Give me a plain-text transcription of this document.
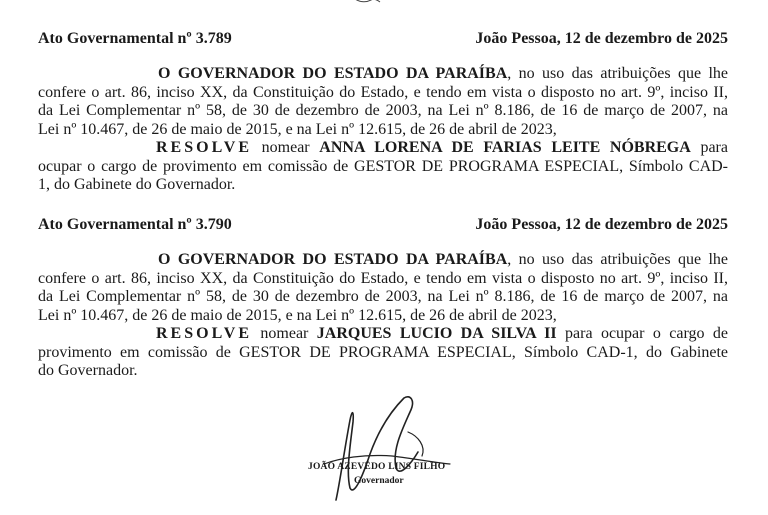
Ato Governamental nº 3.789	João Pessoa, 12 de dezembro de 2025
O GOVERNADOR DO ESTADO DA PARAÍBA, no uso das atribuições que lhe
confere o art. 86, inciso XX, da Constituição do Estado, e tendo em vista o disposto no art. 9º, inciso II,
da Lei Complementar nº 58, de 30 de dezembro de 2003, na Lei nº 8.186, de 16 de março de 2007, na
Lei nº 10.467, de 26 de maio de 2015, e na Lei nº 12.615, de 26 de abril de 2023,
RESOLVE nomear ANNA LORENA DE FARIAS LEITE NÓBREGA para
ocupar o cargo de provimento em comissão de GESTOR DE PROGRAMA ESPECIAL, Símbolo CAD-
1, do Gabinete do Governador.
Ato Governamental nº 3.790	João Pessoa, 12 de dezembro de 2025
O GOVERNADOR DO ESTADO DA PARAÍBA, no uso das atribuições que lhe
confere o art. 86, inciso XX, da Constituição do Estado, e tendo em vista o disposto no art. 9º, inciso II,
da Lei Complementar nº 58, de 30 de dezembro de 2003, na Lei nº 8.186, de 16 de março de 2007, na
Lei nº 10.467, de 26 de maio de 2015, e na Lei nº 12.615, de 26 de abril de 2023,
RESOLVE nomear JARQUES LUCIO DA SILVA II para ocupar o cargo de
provimento em comissão de GESTOR DE PROGRAMA ESPECIAL, Símbolo CAD-1, do Gabinete
do Governador.
JOÃO AZEVÊDO LINS FILHO
Governador
